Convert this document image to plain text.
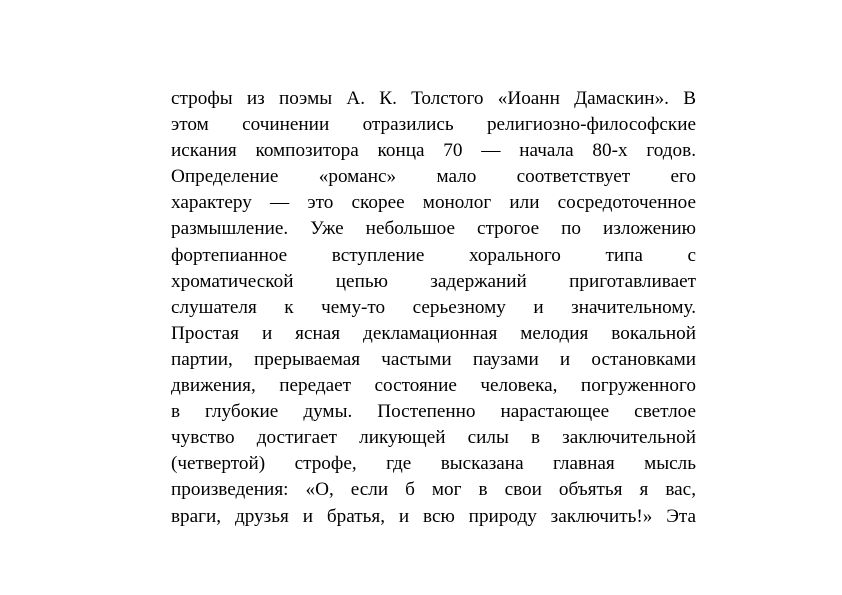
строфы из поэмы А. К. Толстого «Иоанн Дамаскин». В
этом сочинении отразились религиозно-философские
искания композитора конца 70 — начала 80-х годов.
Определение «романс» мало соответствует его
характеру — это скорее монолог или сосредоточенное
размышление. Уже небольшое строгое по изложению
фортепианное вступление хорального типа с
хроматической цепью задержаний приготавливает
слушателя к чему-то серьезному и значительному.
Простая и ясная декламационная мелодия вокальной
партии, прерываемая частыми паузами и остановками
движения, передает состояние человека, погруженного
в глубокие думы. Постепенно нарастающее светлое
чувство достигает ликующей силы в заключительной
(четвертой) строфе, где высказана главная мысль
произведения: «О, если б мог в свои объятья я вас,
враги, друзья и братья, и всю природу заключить!» Эта
